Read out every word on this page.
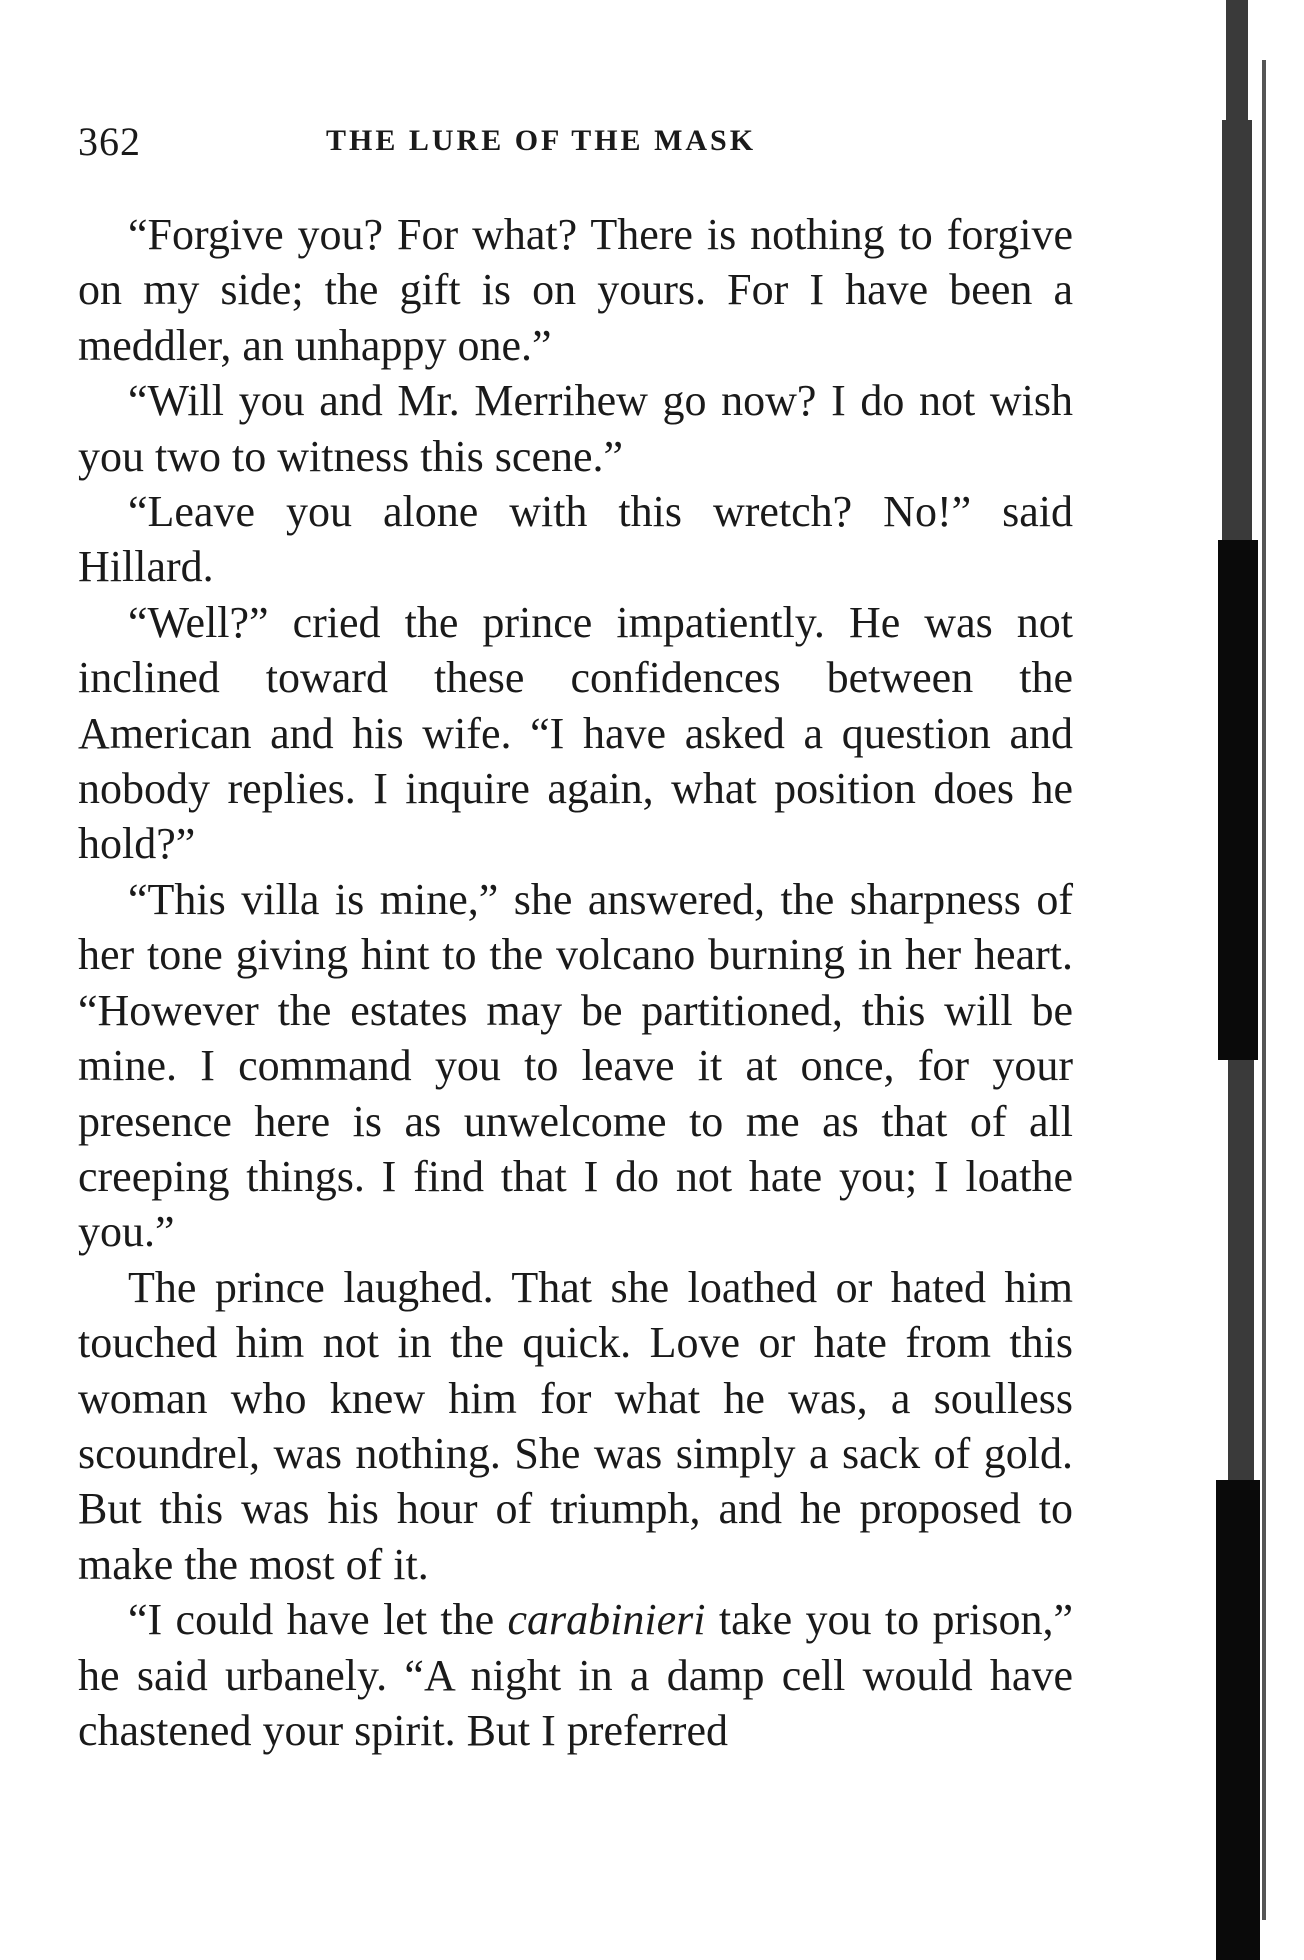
362	THE LURE OF THE MASK

“Forgive you? For what? There is nothing to forgive on my side; the gift is on yours. For I have been a meddler, an unhappy one.”

“Will you and Mr. Merrihew go now? I do not wish you two to witness this scene.”

“Leave you alone with this wretch? No!” said Hillard.

“Well?” cried the prince impatiently. He was not inclined toward these confidences between the American and his wife. “I have asked a question and nobody replies. I inquire again, what position does he hold?”

“This villa is mine,” she answered, the sharpness of her tone giving hint to the volcano burning in her heart. “However the estates may be partitioned, this will be mine. I command you to leave it at once, for your presence here is as unwelcome to me as that of all creeping things. I find that I do not hate you; I loathe you.”

The prince laughed. That she loathed or hated him touched him not in the quick. Love or hate from this woman who knew him for what he was, a soulless scoundrel, was nothing. She was simply a sack of gold. But this was his hour of triumph, and he proposed to make the most of it.

“I could have let the carabinieri take you to prison,” he said urbanely. “A night in a damp cell would have chastened your spirit. But I preferred
